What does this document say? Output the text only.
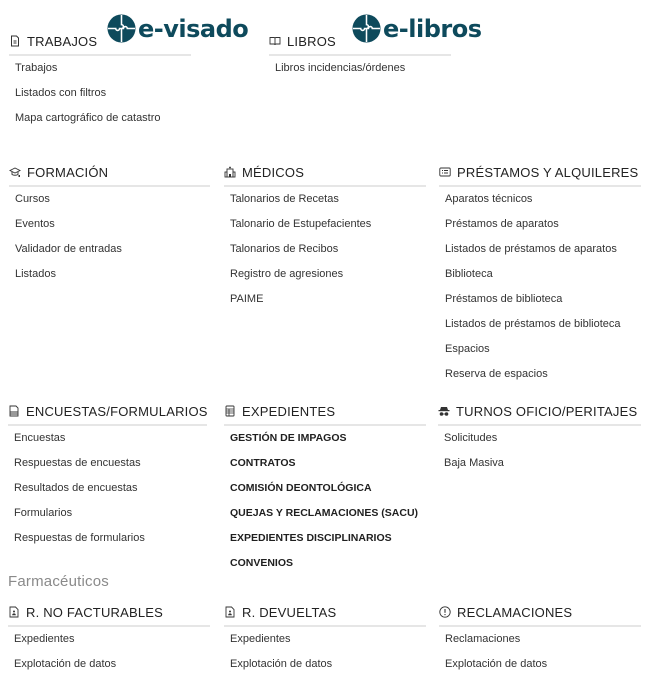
e-visado	e-libros
TRABAJOS
Trabajos
Listados con filtros
Mapa cartográfico de catastro
LIBROS
Libros incidencias/órdenes
FORMACIÓN
Cursos
Eventos
Validador de entradas
Listados
MÉDICOS
Talonarios de Recetas
Talonario de Estupefacientes
Talonarios de Recibos
Registro de agresiones
PAIME
PRÉSTAMOS Y ALQUILERES
Aparatos técnicos
Préstamos de aparatos
Listados de préstamos de aparatos
Biblioteca
Préstamos de biblioteca
Listados de préstamos de biblioteca
Espacios
Reserva de espacios
ENCUESTAS/FORMULARIOS
Encuestas
Respuestas de encuestas
Resultados de encuestas
Formularios
Respuestas de formularios
EXPEDIENTES
GESTIÓN DE IMPAGOS
CONTRATOS
COMISIÓN DEONTOLÓGICA
QUEJAS Y RECLAMACIONES (SACU)
EXPEDIENTES DISCIPLINARIOS
CONVENIOS
TURNOS OFICIO/PERITAJES
Solicitudes
Baja Masiva
Farmacéuticos
R. NO FACTURABLES
Expedientes
Explotación de datos
R. DEVUELTAS
Expedientes
Explotación de datos
RECLAMACIONES
Reclamaciones
Explotación de datos
